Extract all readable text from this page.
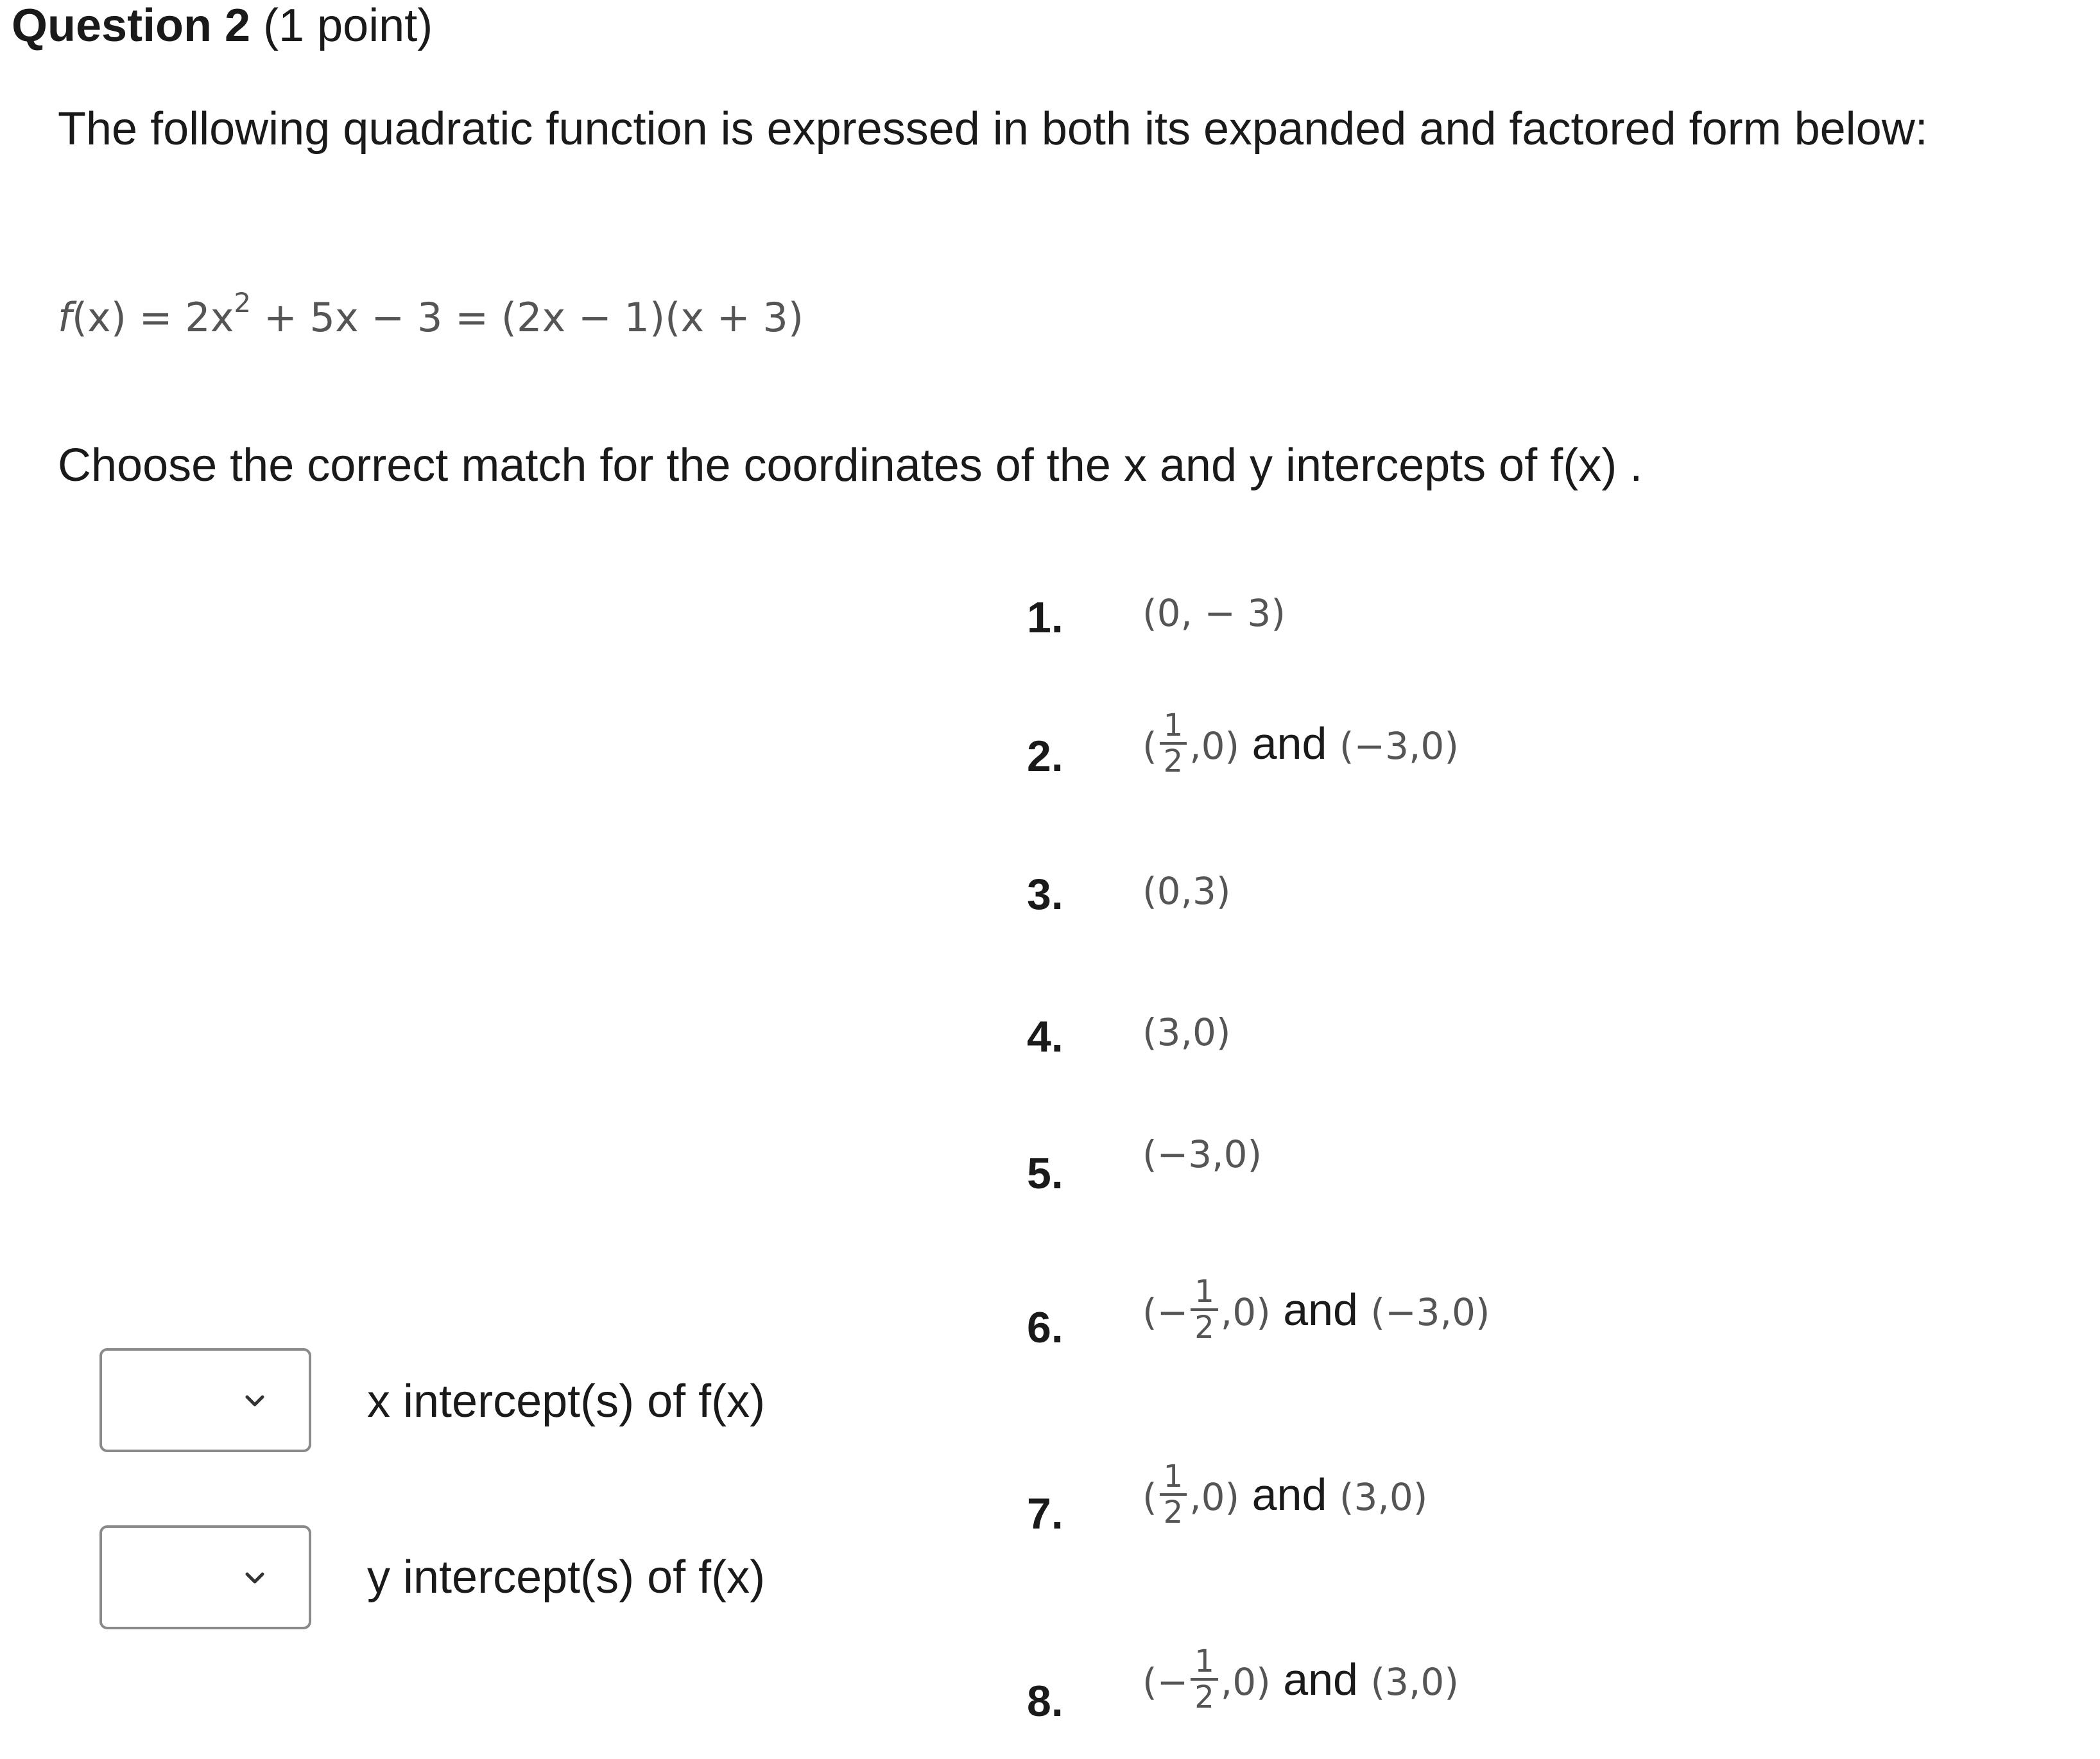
Question 2 (1 point)
The following quadratic function is expressed in both its expanded and factored form below:
$f(x) = 2x^2 + 5x - 3 = (2x - 1)(x + 3)$
Choose the correct match for the coordinates of the x and y intercepts of f(x) .
1.	(0, − 3)
2.	( $\frac{1}{2} ,0$) and (−3,0)
3.	(0,3)
4.	(3,0)
5.	(−3,0)
6.	(− $\frac{1}{2} ,0$) and (−3,0)
7.	( $\frac{1}{2} ,0$) and (3,0)
8.	(− $\frac{1}{2} ,0$) and (3,0)
x intercept(s) of f(x)
y intercept(s) of f(x)
